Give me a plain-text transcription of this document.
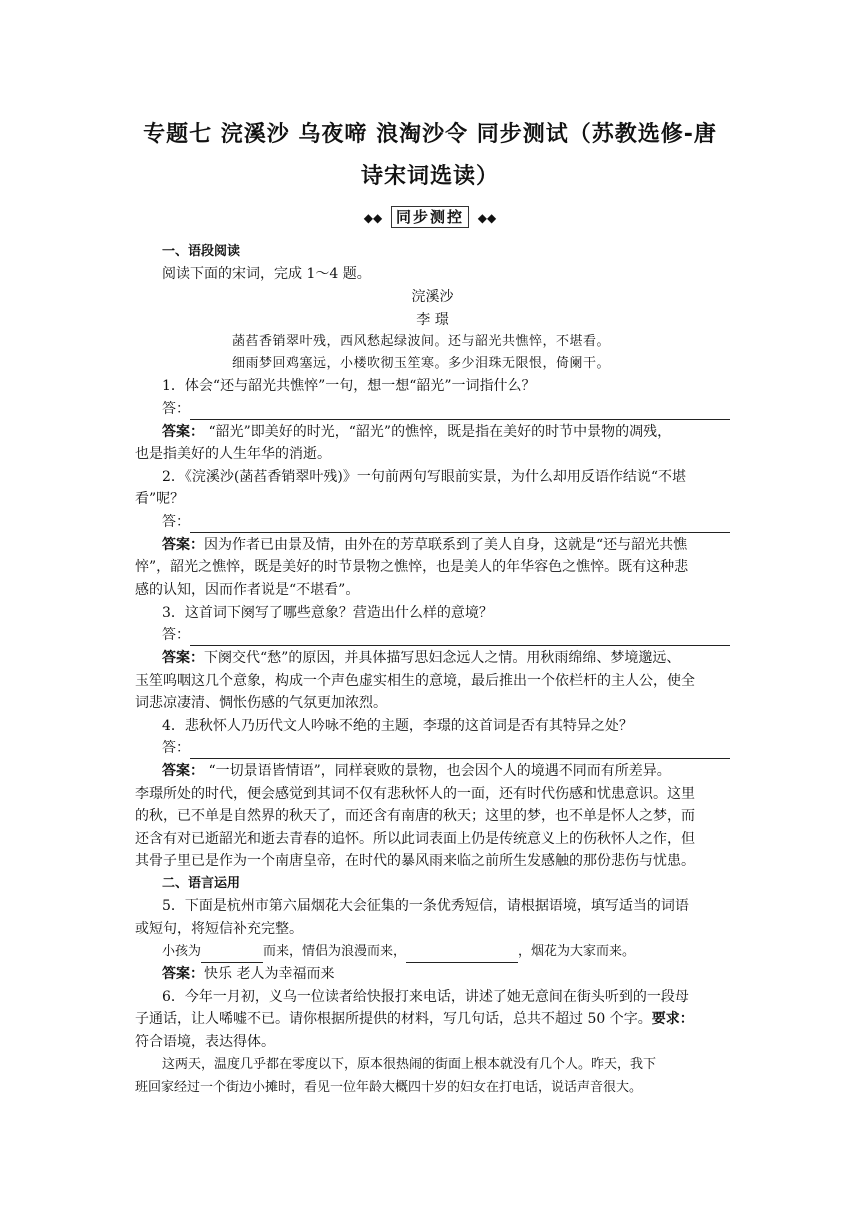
专题七 浣溪沙 乌夜啼 浪淘沙令 同步测试（苏教选修-唐
诗宋词选读）
◆◆ 同步测控 ◆◆
一、语段阅读
阅读下面的宋词，完成 1～4 题。
浣溪沙
李 璟
菡萏香销翠叶残，西风愁起绿波间。还与韶光共憔悴，不堪看。
细雨梦回鸡塞远，小楼吹彻玉笙寒。多少泪珠无限恨，倚阑干。
1．体会“还与韶光共憔悴”一句，想一想“韶光”一词指什么？
答：
答案： “韶光”即美好的时光，“韶光”的憔悴，既是指在美好的时节中景物的凋残，
也是指美好的人生年华的消逝。
2．《浣溪沙(菡萏香销翠叶残)》一句前两句写眼前实景，为什么却用反语作结说“不堪
看”呢？
答：
答案：因为作者已由景及情，由外在的芳草联系到了美人自身，这就是“还与韶光共憔
悴”，韶光之憔悴，既是美好的时节景物之憔悴，也是美人的年华容色之憔悴。既有这种悲
感的认知，因而作者说是“不堪看”。
3．这首词下阕写了哪些意象？营造出什么样的意境？
答：
答案：下阕交代“愁”的原因，并具体描写思妇念远人之情。用秋雨绵绵、梦境邈远、
玉笙呜咽这几个意象，构成一个声色虚实相生的意境，最后推出一个依栏杆的主人公，使全
词悲凉凄清、惆怅伤感的气氛更加浓烈。
4．悲秋怀人乃历代文人吟咏不绝的主题，李璟的这首词是否有其特异之处？
答：
答案： “一切景语皆情语”，同样衰败的景物，也会因个人的境遇不同而有所差异。
李璟所处的时代，便会感觉到其词不仅有悲秋怀人的一面，还有时代伤感和忧患意识。这里
的秋，已不单是自然界的秋天了，而还含有南唐的秋天；这里的梦，也不单是怀人之梦，而
还含有对已逝韶光和逝去青春的追怀。所以此词表面上仍是传统意义上的伤秋怀人之作，但
其骨子里已是作为一个南唐皇帝，在时代的暴风雨来临之前所生发感触的那份悲伤与忧患。
二、语言运用
5．下面是杭州市第六届烟花大会征集的一条优秀短信，请根据语境，填写适当的词语
或短句，将短信补充完整。
小孩为	而来，情侣为浪漫而来，	，烟花为大家而来。
答案：快乐 老人为幸福而来
6．今年一月初，义乌一位读者给快报打来电话，讲述了她无意间在街头听到的一段母
子通话，让人唏嘘不已。请你根据所提供的材料，写几句话，总共不超过 50 个字。要求：
符合语境，表达得体。
这两天，温度几乎都在零度以下，原本很热闹的街面上根本就没有几个人。昨天，我下
班回家经过一个街边小摊时，看见一位年龄大概四十岁的妇女在打电话，说话声音很大。
